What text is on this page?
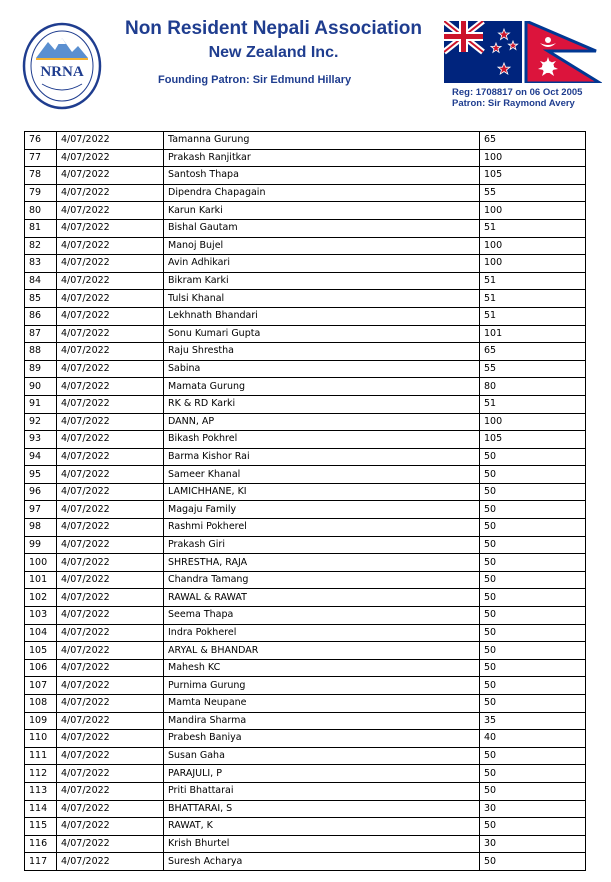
NRNA
Non Resident Nepali Association
New Zealand Inc.
Founding Patron: Sir Edmund Hillary
Reg: 1708817 on 06 Oct 2005
Patron: Sir Raymond Avery
76	4/07/2022	Tamanna Gurung	65
77	4/07/2022	Prakash Ranjitkar	100
78	4/07/2022	Santosh Thapa	105
79	4/07/2022	Dipendra Chapagain	55
80	4/07/2022	Karun Karki	100
81	4/07/2022	Bishal Gautam	51
82	4/07/2022	Manoj Bujel	100
83	4/07/2022	Avin Adhikari	100
84	4/07/2022	Bikram Karki	51
85	4/07/2022	Tulsi Khanal	51
86	4/07/2022	Lekhnath Bhandari	51
87	4/07/2022	Sonu Kumari Gupta	101
88	4/07/2022	Raju Shrestha	65
89	4/07/2022	Sabina	55
90	4/07/2022	Mamata Gurung	80
91	4/07/2022	RK & RD Karki	51
92	4/07/2022	DANN, AP	100
93	4/07/2022	Bikash Pokhrel	105
94	4/07/2022	Barma Kishor Rai	50
95	4/07/2022	Sameer Khanal	50
96	4/07/2022	LAMICHHANE, KI	50
97	4/07/2022	Magaju Family	50
98	4/07/2022	Rashmi Pokherel	50
99	4/07/2022	Prakash Giri	50
100	4/07/2022	SHRESTHA, RAJA	50
101	4/07/2022	Chandra Tamang	50
102	4/07/2022	RAWAL & RAWAT	50
103	4/07/2022	Seema Thapa	50
104	4/07/2022	Indra Pokherel	50
105	4/07/2022	ARYAL & BHANDAR	50
106	4/07/2022	Mahesh KC	50
107	4/07/2022	Purnima Gurung	50
108	4/07/2022	Mamta Neupane	50
109	4/07/2022	Mandira Sharma	35
110	4/07/2022	Prabesh Baniya	40
111	4/07/2022	Susan Gaha	50
112	4/07/2022	PARAJULI, P	50
113	4/07/2022	Priti Bhattarai	50
114	4/07/2022	BHATTARAI, S	30
115	4/07/2022	RAWAT, K	50
116	4/07/2022	Krish Bhurtel	30
117	4/07/2022	Suresh Acharya	50
